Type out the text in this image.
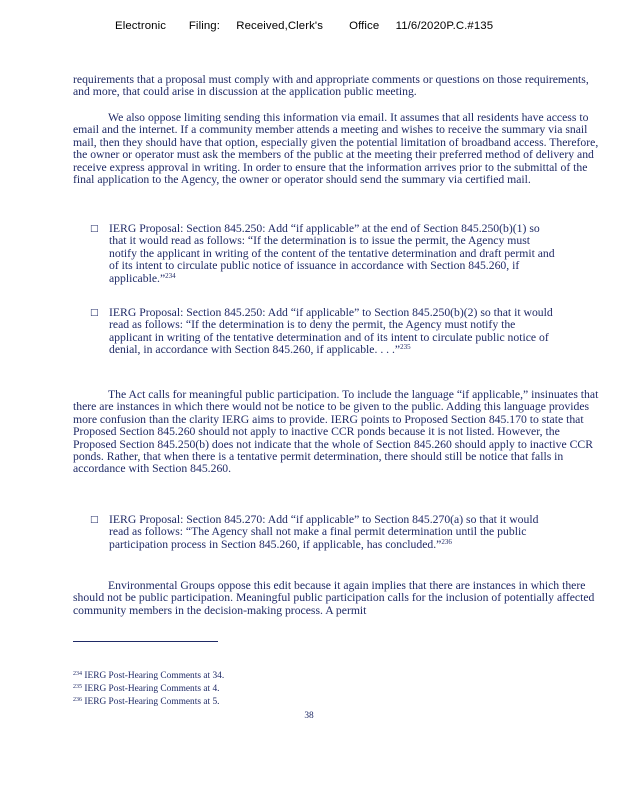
Electronic Filing: Received,Clerk's Office 11/6/2020P.C.#135

requirements that a proposal must comply with and appropriate comments or questions on those requirements, and more, that could arise in discussion at the application public meeting.

We also oppose limiting sending this information via email. It assumes that all residents have access to email and the internet. If a community member attends a meeting and wishes to receive the summary via snail mail, then they should have that option, especially given the potential limitation of broadband access. Therefore, the owner or operator must ask the members of the public at the meeting their preferred method of delivery and receive express approval in writing. In order to ensure that the information arrives prior to the submittal of the final application to the Agency, the owner or operator should send the summary via certified mail.

□ IERG Proposal: Section 845.250: Add “if applicable” at the end of Section 845.250(b)(1) so that it would read as follows: “If the determination is to issue the permit, the Agency must notify the applicant in writing of the content of the tentative determination and draft permit and of its intent to circulate public notice of issuance in accordance with Section 845.260, if applicable.”$^{234}$
□ IERG Proposal: Section 845.250: Add “if applicable” to Section 845.250(b)(2) so that it would read as follows: “If the determination is to deny the permit, the Agency must notify the applicant in writing of the tentative determination and of its intent to circulate public notice of denial, in accordance with Section 845.260, if applicable. . . .”$^{235}$

The Act calls for meaningful public participation. To include the language “if applicable,” insinuates that there are instances in which there would not be notice to be given to the public. Adding this language provides more confusion than the clarity IERG aims to provide. IERG points to Proposed Section 845.170 to state that Proposed Section 845.260 should not apply to inactive CCR ponds because it is not listed. However, the Proposed Section 845.250(b) does not indicate that the whole of Section 845.260 should apply to inactive CCR ponds. Rather, that when there is a tentative permit determination, there should still be notice that falls in accordance with Section 845.260.

□ IERG Proposal: Section 845.270: Add “if applicable” to Section 845.270(a) so that it would read as follows: “The Agency shall not make a final permit determination until the public participation process in Section 845.260, if applicable, has concluded.”$^{236}$

Environmental Groups oppose this edit because it again implies that there are instances in which there should not be public participation. Meaningful public participation calls for the inclusion of potentially affected community members in the decision-making process. A permit

$^{234}$ IERG Post-Hearing Comments at 34.
$^{235}$ IERG Post-Hearing Comments at 4.
$^{236}$ IERG Post-Hearing Comments at 5.
38
